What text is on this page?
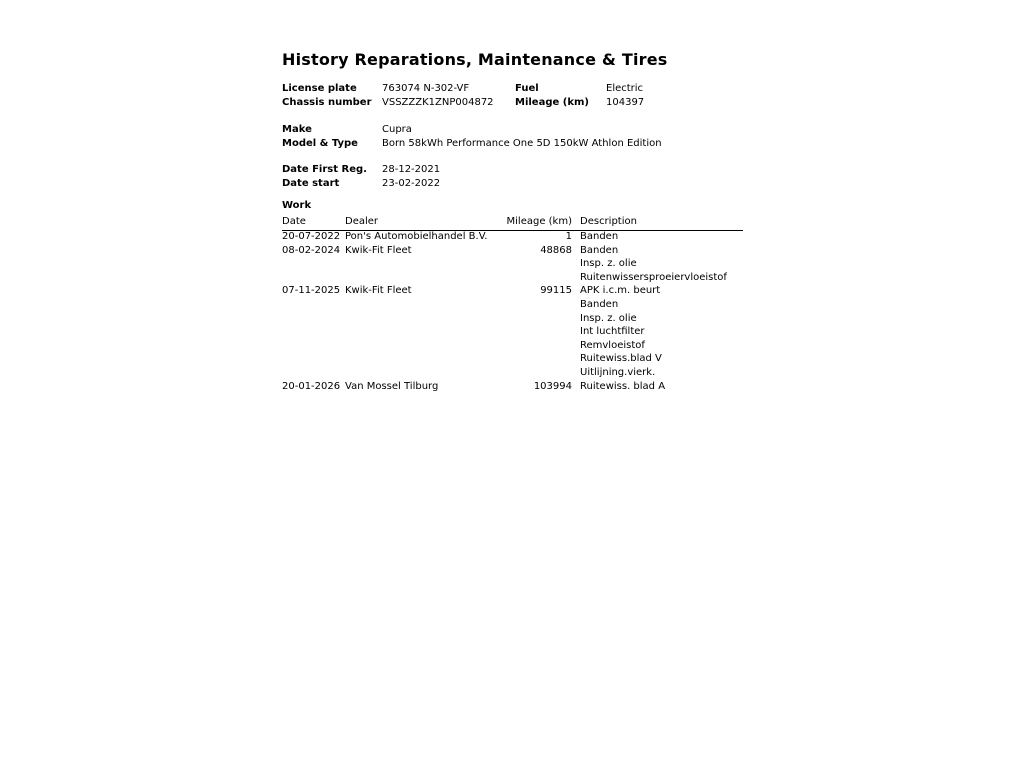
History Reparations, Maintenance & Tires
License plate	763074 N-302-VF	Fuel	Electric
Chassis number VSSZZZK1ZNP004872 Mileage (km) 104397
Make	Cupra
Model & Type Born 58kWh Performance One 5D 150kW Athlon Edition
Date First Reg. 28-12-2021
Date start	23-02-2022
Work
Date	Dealer	Mileage (km) Description
20-07-2022 Pon's Automobielhandel B.V.	1 Banden
08-02-2024 Kwik-Fit Fleet	48868 Banden
Insp. z. olie
Ruitenwissersproeiervloeistof
07-11-2025 Kwik-Fit Fleet	99115 APK i.c.m. beurt
Banden
Insp. z. olie
Int luchtfilter
Remvloeistof
Ruitewiss.blad V
Uitlijning.vierk.
20-01-2026 Van Mossel Tilburg	103994 Ruitewiss. blad A
